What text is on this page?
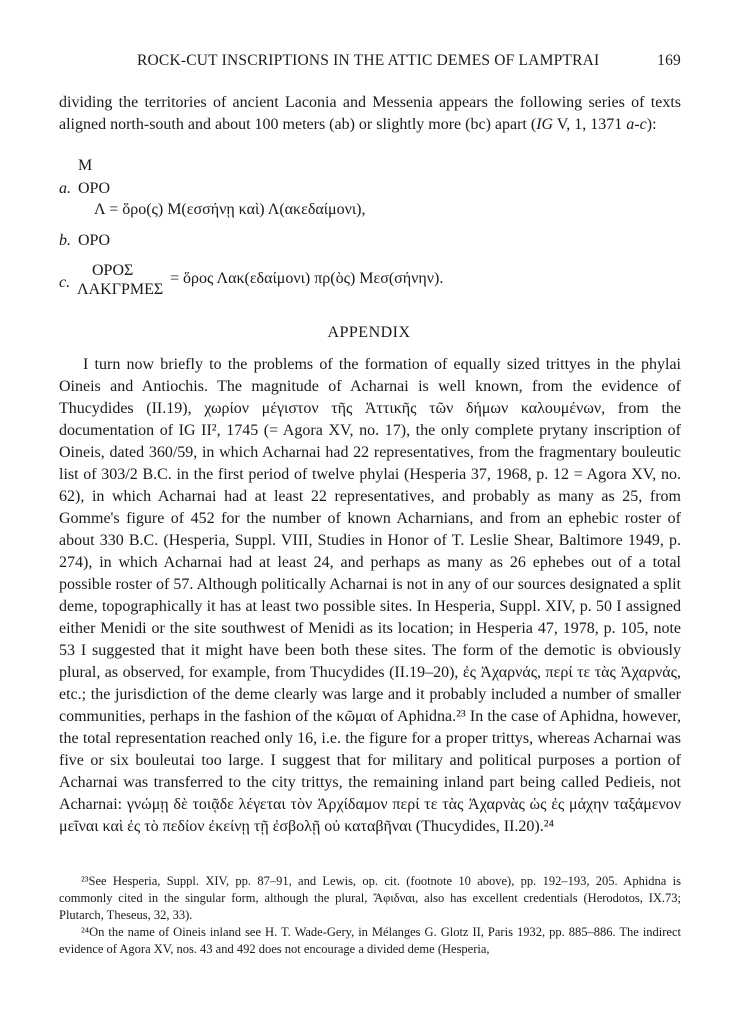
ROCK-CUT INSCRIPTIONS IN THE ATTIC DEMES OF LAMPTRAI	169
dividing the territories of ancient Laconia and Messenia appears the following series of texts aligned north-south and about 100 meters (ab) or slightly more (bc) apart (IG V, 1, 1371 a-c):
M
a. ΟΡΟ
Λ = ὅρο(ς) Μ(εσσήνῃ καὶ) Λ(ακεδαίμονι),
b. ΟΡΟ
c.
ΟΡΟΣ
ΛΑΚΓΡΜΕΣ
= ὅρος Λακ(εδαίμονι) πρ(ὸς) Μεσ(σήνην).
APPENDIX

I turn now briefly to the problems of the formation of equally sized trittyes in the phylai Oineis and Antiochis. The magnitude of Acharnai is well known, from the evidence of Thucydides (II.19), χωρίον μέγιστον τῆς Ἀττικῆς τῶν δήμων καλουμένων, from the documentation of IG II², 1745 (= Agora XV, no. 17), the only complete prytany inscription of Oineis, dated 360/59, in which Acharnai had 22 representatives, from the fragmentary bouleutic list of 303/2 B.C. in the first period of twelve phylai (Hesperia 37, 1968, p. 12 = Agora XV, no. 62), in which Acharnai had at least 22 representatives, and probably as many as 25, from Gomme's figure of 452 for the number of known Acharnians, and from an ephebic roster of about 330 B.C. (Hesperia, Suppl. VIII, Studies in Honor of T. Leslie Shear, Baltimore 1949, p. 274), in which Acharnai had at least 24, and perhaps as many as 26 ephebes out of a total possible roster of 57. Although politically Acharnai is not in any of our sources designated a split deme, topographically it has at least two possible sites. In Hesperia, Suppl. XIV, p. 50 I assigned either Menidi or the site southwest of Menidi as its location; in Hesperia 47, 1978, p. 105, note 53 I suggested that it might have been both these sites. The form of the demotic is obviously plural, as observed, for example, from Thucydides (II.19–20), ἐς Ἀχαρνάς, περί τε τὰς Ἀχαρνάς, etc.; the jurisdiction of the deme clearly was large and it probably included a number of smaller communities, perhaps in the fashion of the κῶμαι of Aphidna.²³ In the case of Aphidna, however, the total representation reached only 16, i.e. the figure for a proper trittys, whereas Acharnai was five or six bouleutai too large. I suggest that for military and political purposes a portion of Acharnai was transferred to the city trittys, the remaining inland part being called Pedieis, not Acharnai: γνώμῃ δὲ τοιᾷδε λέγεται τὸν Ἀρχίδαμον περί τε τὰς Ἀχαρνὰς ὡς ἐς μάχην ταξάμενον μεῖναι καὶ ἐς τὸ πεδίον ἐκείνῃ τῇ ἐσβολῇ οὐ καταβῆναι (Thucydides, II.20).²⁴

²³See Hesperia, Suppl. XIV, pp. 87–91, and Lewis, op. cit. (footnote 10 above), pp. 192–193, 205. Aphidna is commonly cited in the singular form, although the plural, Ἄφιδναι, also has excellent credentials (Herodotos, IX.73; Plutarch, Theseus, 32, 33).

²⁴On the name of Oineis inland see H. T. Wade-Gery, in Mélanges G. Glotz II, Paris 1932, pp. 885–886. The indirect evidence of Agora XV, nos. 43 and 492 does not encourage a divided deme (Hesperia,
